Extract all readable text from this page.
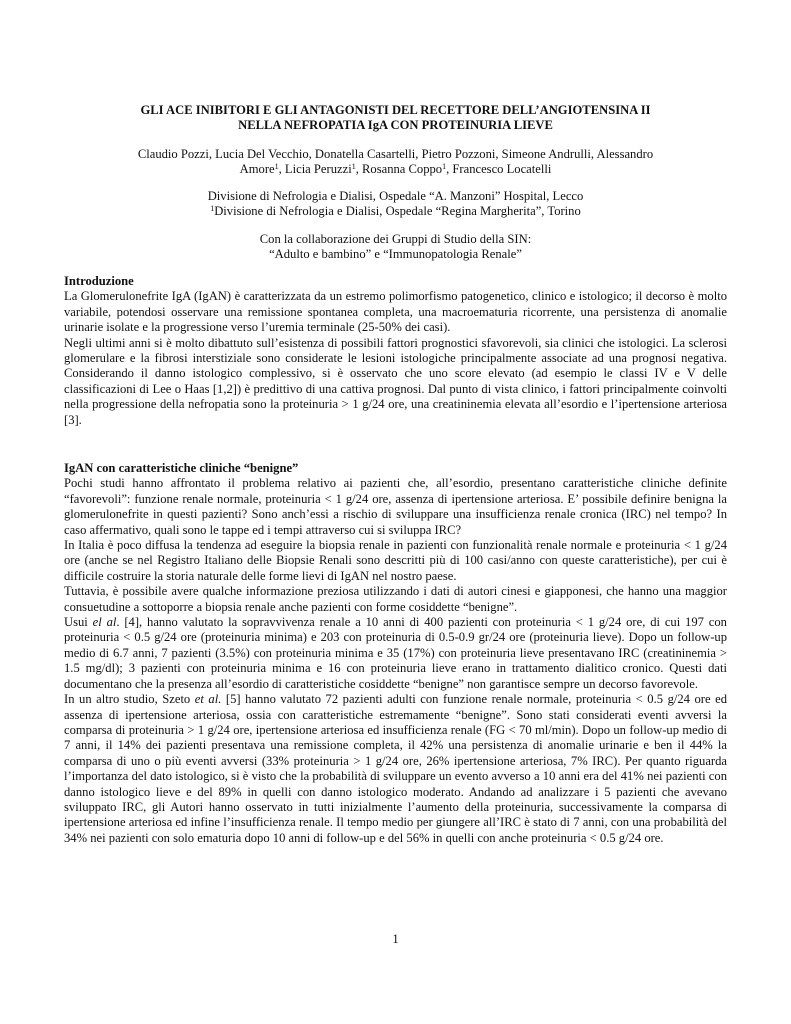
GLI ACE INIBITORI E GLI ANTAGONISTI DEL RECETTORE DELL’ANGIOTENSINA II
NELLA NEFROPATIA IgA CON PROTEINURIA LIEVE
Claudio Pozzi, Lucia Del Vecchio, Donatella Casartelli, Pietro Pozzoni, Simeone Andrulli, Alessandro
Amore$^1$, Licia Peruzzi$^1$, Rosanna Coppo$^1$, Francesco Locatelli
Divisione di Nefrologia e Dialisi, Ospedale “A. Manzoni” Hospital, Lecco
$^1$Divisione di Nefrologia e Dialisi, Ospedale “Regina Margherita”, Torino
Con la collaborazione dei Gruppi di Studio della SIN:
“Adulto e bambino” e “Immunopatologia Renale”
Introduzione

La Glomerulonefrite IgA (IgAN) è caratterizzata da un estremo polimorfismo patogenetico, clinico e istologico; il decorso è molto variabile, potendosi osservare una remissione spontanea completa, una macroematuria ricorrente, una persistenza di anomalie urinarie isolate e la progressione verso l’uremia terminale (25-50% dei casi).

Negli ultimi anni si è molto dibattuto sull’esistenza di possibili fattori prognostici sfavorevoli, sia clinici che istologici. La sclerosi glomerulare e la fibrosi interstiziale sono considerate le lesioni istologiche principalmente associate ad una prognosi negativa. Considerando il danno istologico complessivo, si è osservato che uno score elevato (ad esempio le classi IV e V delle classificazioni di Lee o Haas [1,2]) è predittivo di una cattiva prognosi. Dal punto di vista clinico, i fattori principalmente coinvolti nella progressione della nefropatia sono la proteinuria > 1 g/24 ore, una creatininemia elevata all’esordio e l’ipertensione arteriosa [3].

IgAN con caratteristiche cliniche “benigne”

Pochi studi hanno affrontato il problema relativo ai pazienti che, all’esordio, presentano caratteristiche cliniche definite “favorevoli”: funzione renale normale, proteinuria < 1 g/24 ore, assenza di ipertensione arteriosa. E’ possibile definire benigna la glomerulonefrite in questi pazienti? Sono anch’essi a rischio di sviluppare una insufficienza renale cronica (IRC) nel tempo? In caso affermativo, quali sono le tappe ed i tempi attraverso cui si sviluppa IRC?

In Italia è poco diffusa la tendenza ad eseguire la biopsia renale in pazienti con funzionalità renale normale e proteinuria < 1 g/24 ore (anche se nel Registro Italiano delle Biopsie Renali sono descritti più di 100 casi/anno con queste caratteristiche), per cui è difficile costruire la storia naturale delle forme lievi di IgAN nel nostro paese.

Tuttavia, è possibile avere qualche informazione preziosa utilizzando i dati di autori cinesi e giapponesi, che hanno una maggior consuetudine a sottoporre a biopsia renale anche pazienti con forme cosiddette “benigne”.

Usui el al. [4], hanno valutato la sopravvivenza renale a 10 anni di 400 pazienti con proteinuria < 1 g/24 ore, di cui 197 con proteinuria < 0.5 g/24 ore (proteinuria minima) e 203 con proteinuria di 0.5-0.9 gr/24 ore (proteinuria lieve). Dopo un follow-up medio di 6.7 anni, 7 pazienti (3.5%) con proteinuria minima e 35 (17%) con proteinuria lieve presentavano IRC (creatininemia > 1.5 mg/dl); 3 pazienti con proteinuria minima e 16 con proteinuria lieve erano in trattamento dialitico cronico. Questi dati documentano che la presenza all’esordio di caratteristiche cosiddette “benigne” non garantisce sempre un decorso favorevole.

In un altro studio, Szeto et al. [5] hanno valutato 72 pazienti adulti con funzione renale normale, proteinuria < 0.5 g/24 ore ed assenza di ipertensione arteriosa, ossia con caratteristiche estremamente “benigne”. Sono stati considerati eventi avversi la comparsa di proteinuria > 1 g/24 ore, ipertensione arteriosa ed insufficienza renale (FG < 70 ml/min). Dopo un follow-up medio di 7 anni, il 14% dei pazienti presentava una remissione completa, il 42% una persistenza di anomalie urinarie e ben il 44% la comparsa di uno o più eventi avversi (33% proteinuria > 1 g/24 ore, 26% ipertensione arteriosa, 7% IRC). Per quanto riguarda l’importanza del dato istologico, si è visto che la probabilità di sviluppare un evento avverso a 10 anni era del 41% nei pazienti con danno istologico lieve e del 89% in quelli con danno istologico moderato. Andando ad analizzare i 5 pazienti che avevano sviluppato IRC, gli Autori hanno osservato in tutti inizialmente l’aumento della proteinuria, successivamente la comparsa di ipertensione arteriosa ed infine l’insufficienza renale. Il tempo medio per giungere all’IRC è stato di 7 anni, con una probabilità del 34% nei pazienti con solo ematuria dopo 10 anni di follow-up e del 56% in quelli con anche proteinuria < 0.5 g/24 ore.

1
